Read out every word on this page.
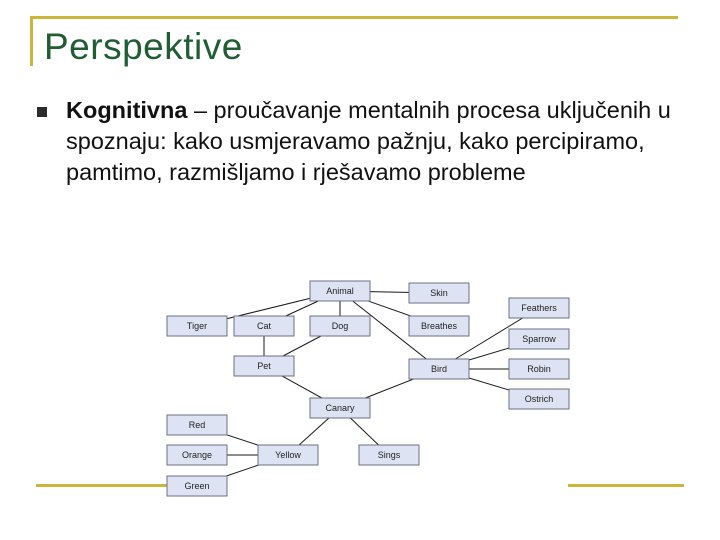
Perspektive
Kognitivna – proučavanje mentalnih procesa uključenih u spoznaju: kako usmjeravamo pažnju, kako percipiramo, pamtimo, razmišljamo i rješavamo probleme
Animal	Skin
Feathers
Tiger	Cat	Dog	Breathes
Sparrow
Pet	Bird	Robin
Ostrich
Canary
Red
Orange	Yellow	Sings
Green
